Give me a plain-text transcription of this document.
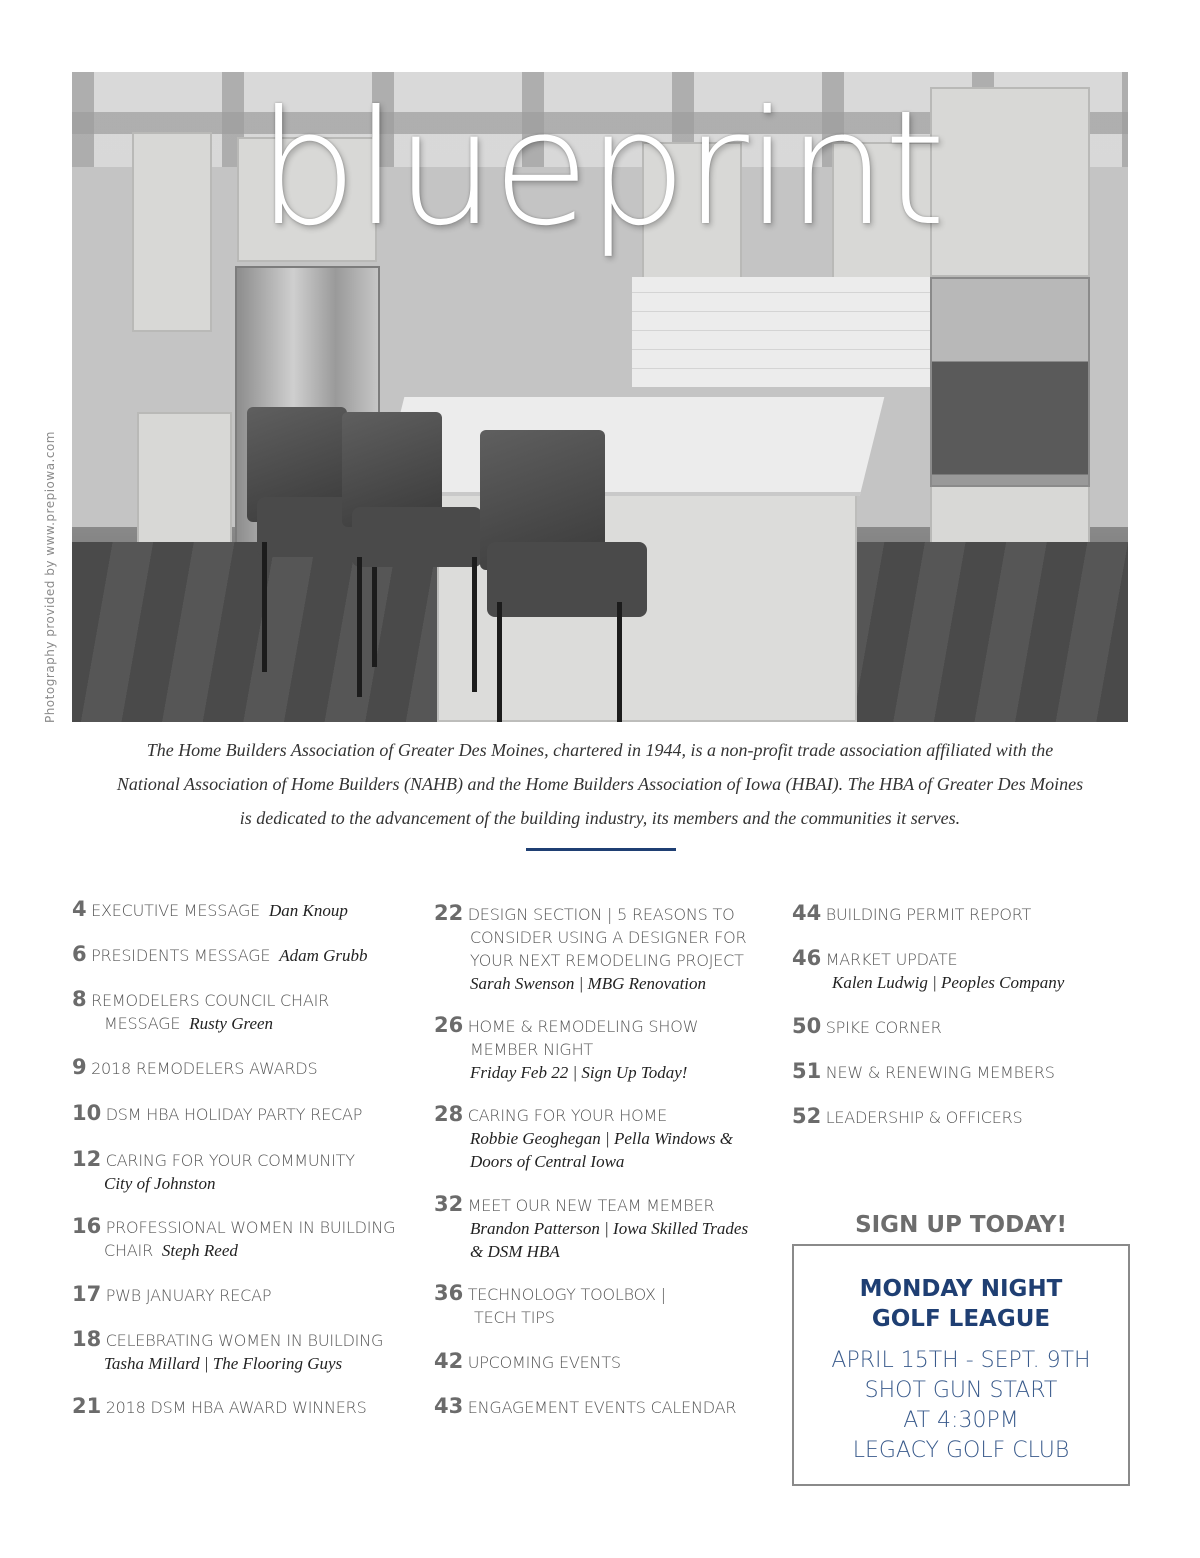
blueprint
Photography provided by www.prepiowa.com
The Home Builders Association of Greater Des Moines, chartered in 1944, is a non-profit trade association affiliated with the
National Association of Home Builders (NAHB) and the Home Builders Association of Iowa (HBAI). The HBA of Greater Des Moines
is dedicated to the advancement of the building industry, its members and the communities it serves.
4 EXECUTIVE MESSAGE Dan Knoup
6 PRESIDENTS MESSAGE Adam Grubb
8 REMODELERS COUNCIL CHAIR
MESSAGE Rusty Green
9 2018 REMODELERS AWARDS
10 DSM HBA HOLIDAY PARTY RECAP
12 CARING FOR YOUR COMMUNITY
City of Johnston
16 PROFESSIONAL WOMEN IN BUILDING
CHAIR Steph Reed
17 PWB JANUARY RECAP
18 CELEBRATING WOMEN IN BUILDING
Tasha Millard | The Flooring Guys
21 2018 DSM HBA AWARD WINNERS
22 DESIGN SECTION | 5 REASONS TO
CONSIDER USING A DESIGNER FOR
YOUR NEXT REMODELING PROJECT
Sarah Swenson | MBG Renovation
26 HOME & REMODELING SHOW
MEMBER NIGHT
Friday Feb 22 | Sign Up Today!
28 CARING FOR YOUR HOME
Robbie Geoghegan | Pella Windows &
Doors of Central Iowa
32 MEET OUR NEW TEAM MEMBER
Brandon Patterson | Iowa Skilled Trades
& DSM HBA
36 TECHNOLOGY TOOLBOX |
TECH TIPS
42 UPCOMING EVENTS
43 ENGAGEMENT EVENTS CALENDAR
44 BUILDING PERMIT REPORT
46 MARKET UPDATE
Kalen Ludwig | Peoples Company
50 SPIKE CORNER
51 NEW & RENEWING MEMBERS
52 LEADERSHIP & OFFICERS
SIGN UP TODAY!
MONDAY NIGHT
GOLF LEAGUE
APRIL 15TH - SEPT. 9TH
SHOT GUN START
AT 4:30PM
LEGACY GOLF CLUB
